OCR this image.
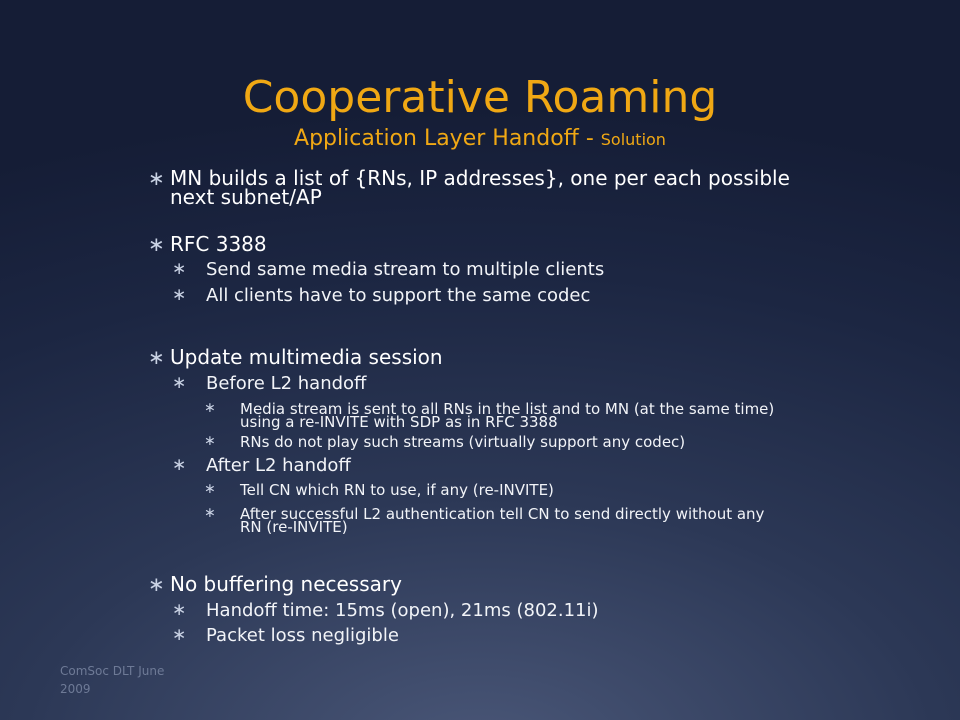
Cooperative Roaming
Application Layer Handoff - Solution
∗ MN builds a list of {RNs, IP addresses}, one per each possible
next subnet/AP
∗ RFC 3388
∗ Send same media stream to multiple clients
∗ All clients have to support the same codec
∗ Update multimedia session
∗ Before L2 handoff
∗ Media stream is sent to all RNs in the list and to MN (at the same time)
using a re-INVITE with SDP as in RFC 3388
∗ RNs do not play such streams (virtually support any codec)
∗ After L2 handoff
∗ Tell CN which RN to use, if any (re-INVITE)
∗ After successful L2 authentication tell CN to send directly without any
RN (re-INVITE)
∗ No buffering necessary
∗ Handoff time: 15ms (open), 21ms (802.11i)
∗ Packet loss negligible
ComSoc DLT June 2009
